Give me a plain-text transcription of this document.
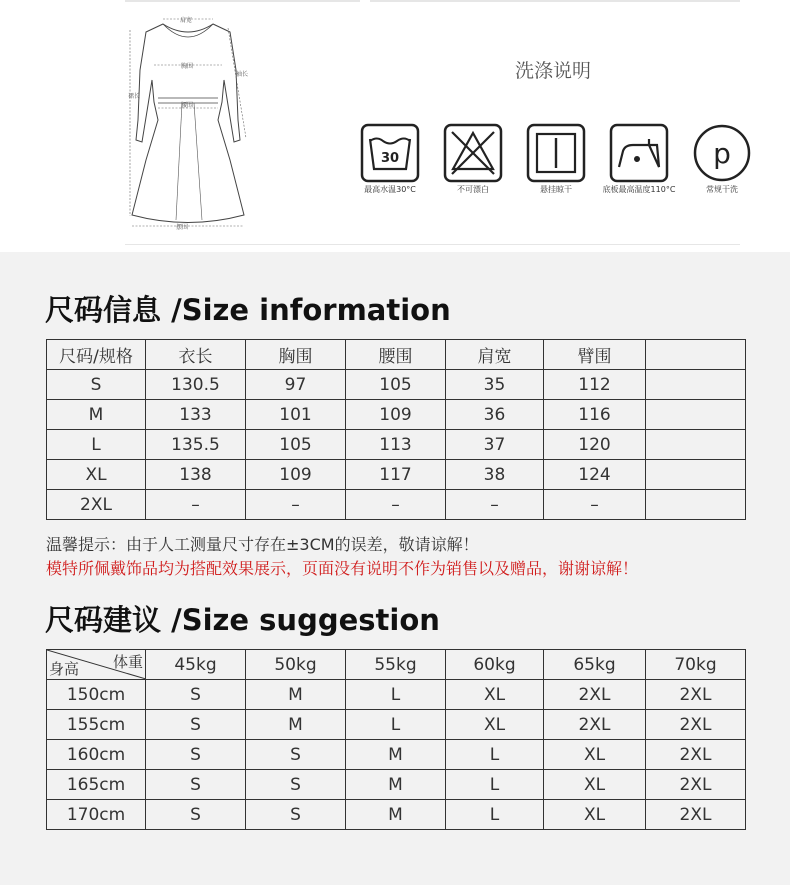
肩宽
胸围
袖长
裙长
腰围
摆围
洗涤说明
30	p
最高水温30°C	不可漂白	悬挂晾干	底板最高温度110°C	常规干洗
尺码信息 /Size information
尺码/规格	衣长	胸围	腰围	肩宽	臂围	
S	130.5	97	105	35	112	
M	133	101	109	36	116	
L	135.5	105	113	37	120	
XL	138	109	117	38	124	
2XL	–	–	–	–	–	
温馨提示：由于人工测量尺寸存在±3CM的误差，敬请谅解！
模特所佩戴饰品均为搭配效果展示，页面没有说明不作为销售以及赠品，谢谢谅解！
尺码建议 /Size suggestion
体重
身高	45kg	50kg	55kg	60kg	65kg	70kg
150cm	S	M	L	XL	2XL	2XL
155cm	S	M	L	XL	2XL	2XL
160cm	S	S	M	L	XL	2XL
165cm	S	S	M	L	XL	2XL
170cm	S	S	M	L	XL	2XL
